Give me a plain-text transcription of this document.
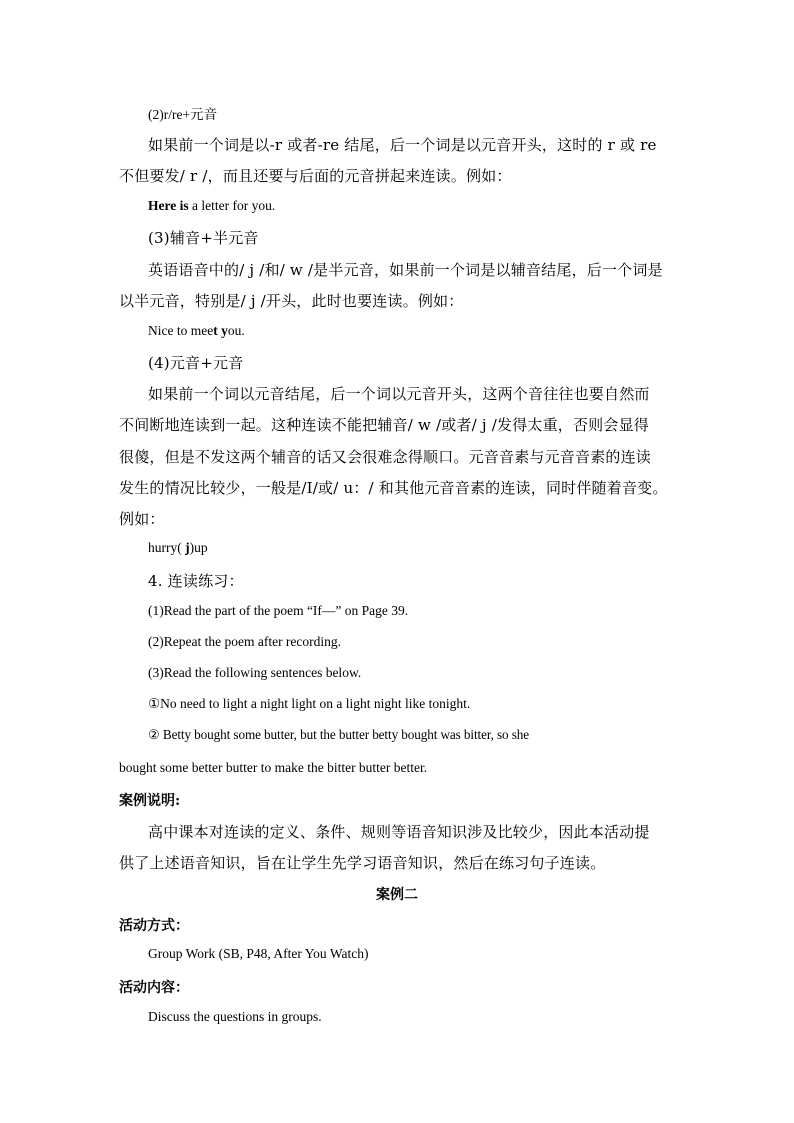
(2)r/re+元音
如果前一个词是以-r 或者-re 结尾，后一个词是以元音开头，这时的 r 或 re
不但要发/ r /，而且还要与后面的元音拼起来连读。例如：
Here is a letter for you.
(3)辅音+半元音
英语语音中的/ j /和/ w /是半元音，如果前一个词是以辅音结尾，后一个词是
以半元音，特别是/ j /开头，此时也要连读。例如：
Nice to meet you.
(4)元音+元音
如果前一个词以元音结尾，后一个词以元音开头，这两个音往往也要自然而
不间断地连读到一起。这种连读不能把辅音/ w /或者/ j /发得太重，否则会显得
很傻，但是不发这两个辅音的话又会很难念得顺口。元音音素与元音音素的连读
发生的情况比较少，一般是/I/或/ u：/ 和其他元音音素的连读，同时伴随着音变。
例如：
hurry( j)up
4. 连读练习：
(1)Read the part of the poem “If—” on Page 39.
(2)Repeat the poem after recording.
(3)Read the following sentences below.
①No need to light a night light on a light night like tonight.
② Betty bought some butter, but the butter betty bought was bitter, so she
bought some better butter to make the bitter butter better.
案例说明:
高中课本对连读的定义、条件、规则等语音知识涉及比较少，因此本活动提
供了上述语音知识，旨在让学生先学习语音知识，然后在练习句子连读。
案例二
活动方式：
Group Work (SB, P48, After You Watch)
活动内容：
Discuss the questions in groups.
